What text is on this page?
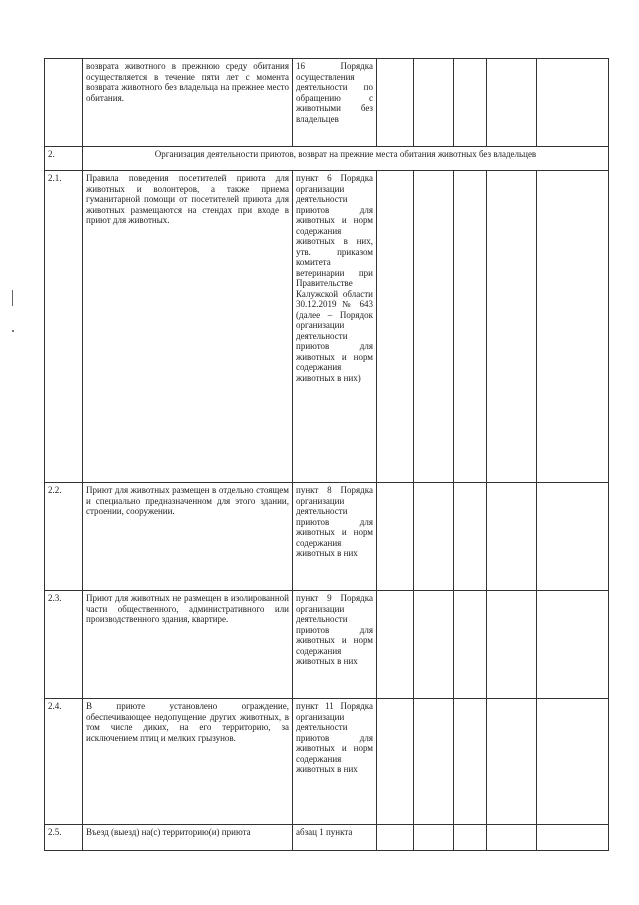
	возврата животного в прежнюю среду обитания осуществляется в течение пяти лет с момента возврата животного без владельца на прежнее место обитания.	16 Порядка осуществления деятельности по обращению с животными без владельцев					
2.	Организация деятельности приютов, возврат на прежние места обитания животных без владельцев						
2.1.	Правила поведения посетителей приюта для животных и волонтеров, а также приема гуманитарной помощи от посетителей приюта для животных размещаются на стендах при входе в приют для животных.	пункт 6 Порядка организации деятельности приютов для животных и норм содержания животных в них, утв. приказом комитета ветеринарии при Правительстве Калужской области 30.12.2019 № 643 (далее – Порядок организации деятельности приютов для животных и норм содержания животных в них)					
2.2.	Приют для животных размещен в отдельно стоящем и специально предназначенном для этого здании, строении, сооружении.	пункт 8 Порядка организации деятельности приютов для животных и норм содержания животных в них					
2.3.	Приют для животных не размещен в изолированной части общественного, административного или производственного здания, квартире.	пункт 9 Порядка организации деятельности приютов для животных и норм содержания животных в них					
2.4.	В приюте установлено ограждение, обеспечивающее недопущение других животных, в том числе диких, на его территорию, за исключением птиц и мелких грызунов.	пункт 11 Порядка организации деятельности приютов для животных и норм содержания животных в них					
2.5.	Въезд (выезд) на(с) территорию(и) приюта	абзац 1 пункта					
